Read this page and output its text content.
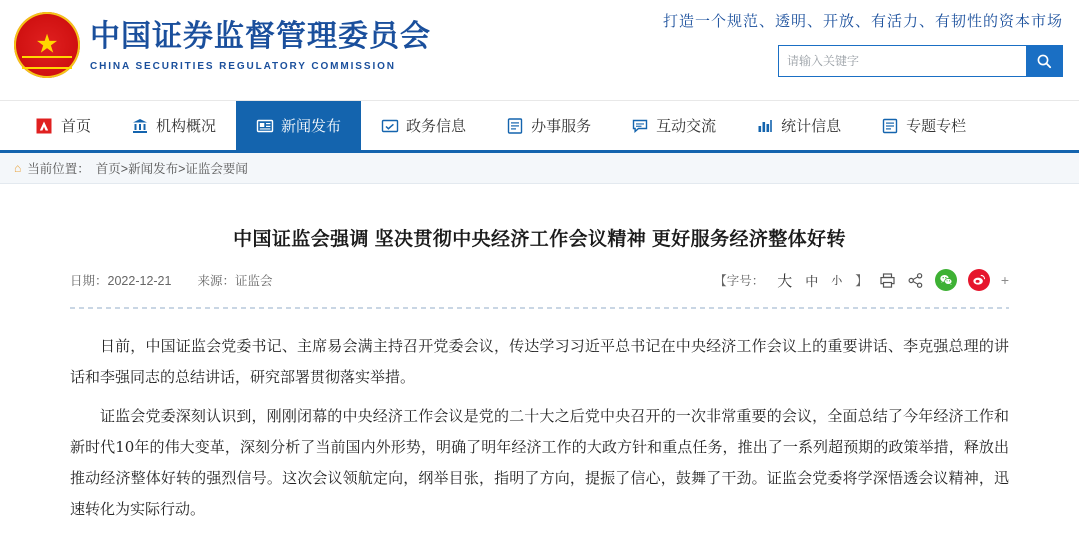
★
中国证券监督管理委员会
CHINA SECURITIES REGULATORY COMMISSION
打造一个规范、透明、开放、有活力、有韧性的资本市场
请输入关键字
首页	机构概况	新闻发布	政务信息	办事服务	互动交流	统计信息	专题专栏
⌂ 当前位置： 首页>新闻发布>证监会要闻
中国证监会强调 坚决贯彻中央经济工作会议精神 更好服务经济整体好转
日期：2022-12-21 来源：证监会	【字号： 大 中 小 】	+

日前，中国证监会党委书记、主席易会满主持召开党委会议，传达学习习近平总书记在中央经济工作会议上的重要讲话、李克强总理的讲话和李强同志的总结讲话，研究部署贯彻落实举措。

证监会党委深刻认识到，刚刚闭幕的中央经济工作会议是党的二十大之后党中央召开的一次非常重要的会议，全面总结了今年经济工作和新时代10年的伟大变革，深刻分析了当前国内外形势，明确了明年经济工作的大政方针和重点任务，推出了一系列超预期的政策举措，释放出推动经济整体好转的强烈信号。这次会议领航定向，纲举目张，指明了方向，提振了信心，鼓舞了干劲。证监会党委将学深悟透会议精神，迅速转化为实际行动。
